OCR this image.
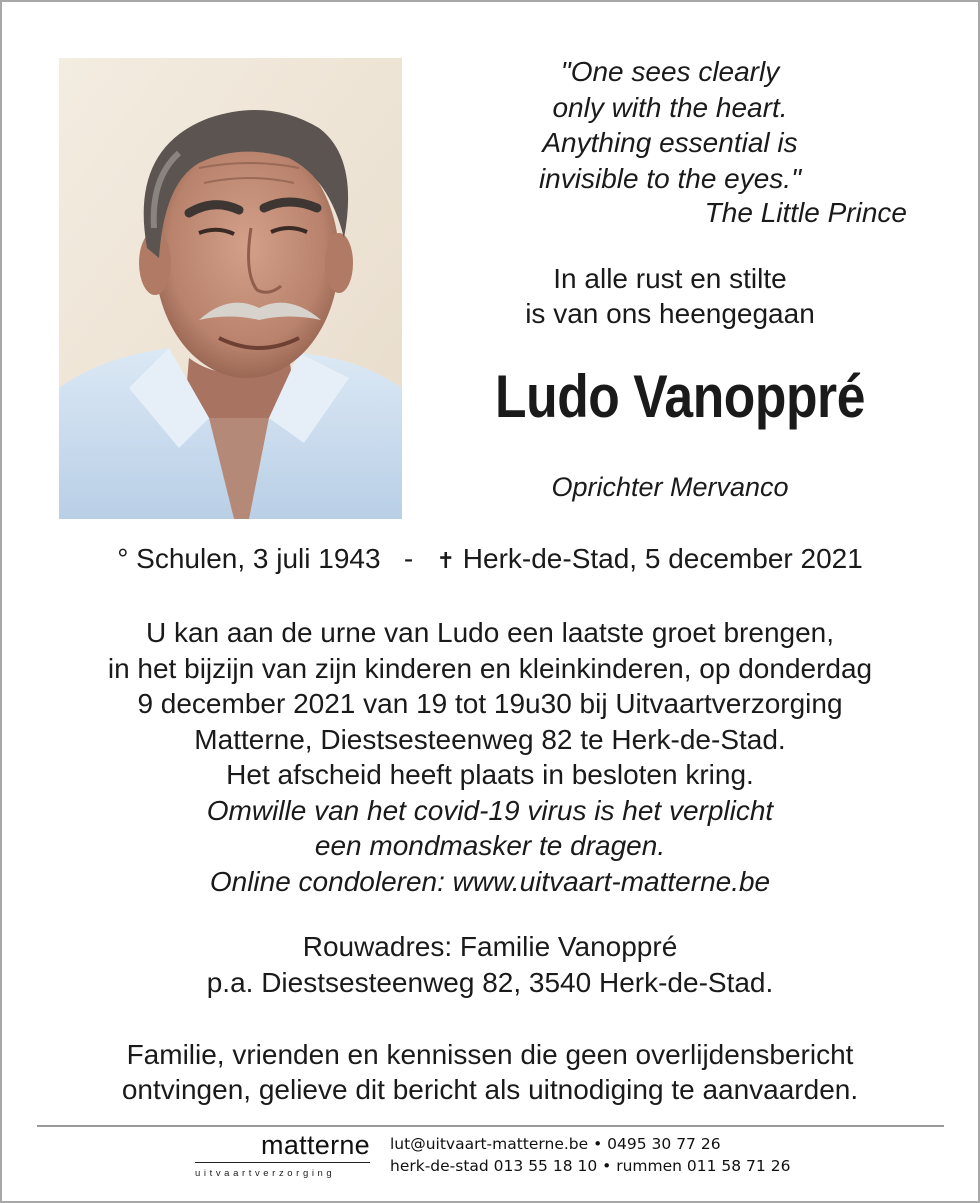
"One sees clearly
only with the heart.
Anything essential is
invisible to the eyes."
The Little Prince
In alle rust en stilte
is van ons heengegaan
Ludo Vanoppré
Oprichter Mervanco
° Schulen, 3 juli 1943 - ✝ Herk-de-Stad, 5 december 2021
U kan aan de urne van Ludo een laatste groet brengen,
in het bijzijn van zijn kinderen en kleinkinderen, op donderdag
9 december 2021 van 19 tot 19u30 bij Uitvaartverzorging
Matterne, Diestsesteenweg 82 te Herk-de-Stad.
Het afscheid heeft plaats in besloten kring.
Omwille van het covid-19 virus is het verplicht
een mondmasker te dragen.
Online condoleren: www.uitvaart-matterne.be
Rouwadres: Familie Vanoppré
p.a. Diestsesteenweg 82, 3540 Herk-de-Stad.
Familie, vrienden en kennissen die geen overlijdensbericht
ontvingen, gelieve dit bericht als uitnodiging te aanvaarden.
matterne
uitvaartverzorging
lut@uitvaart-matterne.be • 0495 30 77 26
herk-de-stad 013 55 18 10 • rummen 011 58 71 26
